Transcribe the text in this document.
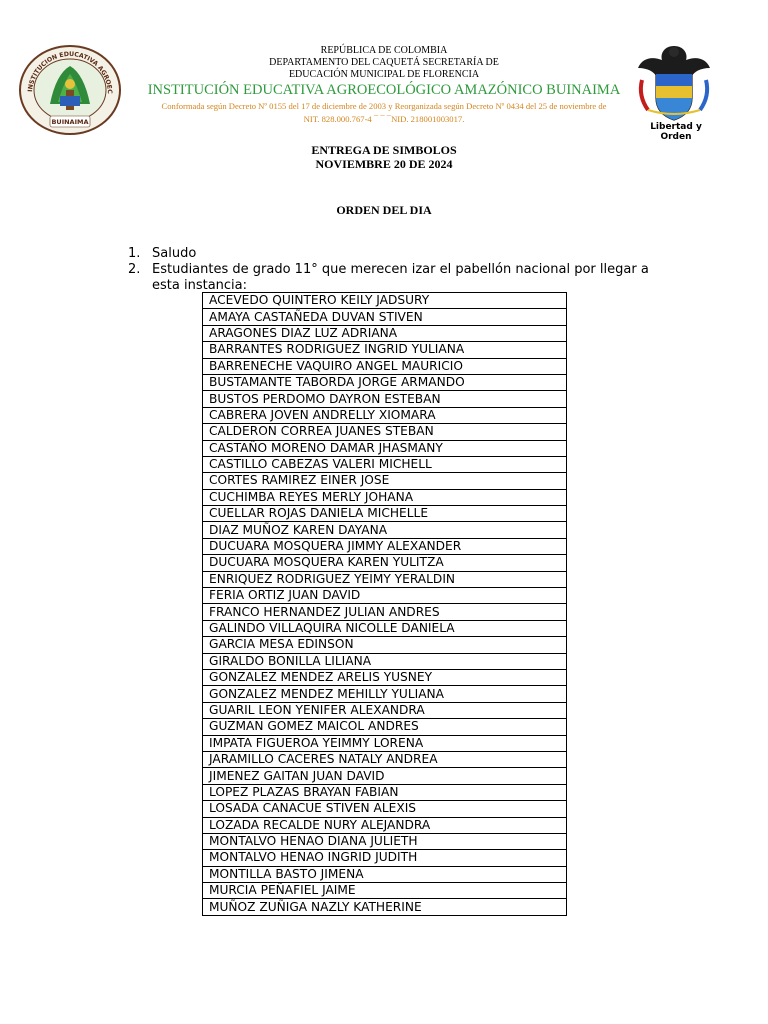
INSTITUCION EDUCATIVA AGROEC
BUINAIMA
REPÚBLICA DE COLOMBIA
DEPARTAMENTO DEL CAQUETÁ SECRETARÍA DE
EDUCACIÓN MUNICIPAL DE FLORENCIA
INSTITUCIÓN EDUCATIVA AGROECOLÓGICO AMAZÓNICO BUINAIMA
Conformada según Decreto Nº 0155 del 17 de diciembre de 2003 y Reorganizada según Decreto Nº 0434 del 25 de noviembre de
NIT. 828.000.767-4 ¯ ¯ ¯NID. 218001003017.
Libertad y Orden
ENTREGA DE SIMBOLOS
NOVIEMBRE 20 DE 2024
ORDEN DEL DIA
1. Saludo
2. Estudiantes de grado 11° que merecen izar el pabellón nacional por llegar a esta instancia:
ACEVEDO QUINTERO KEILY JADSURY
AMAYA CASTAÑEDA DUVAN STIVEN
ARAGONES DIAZ LUZ ADRIANA
BARRANTES RODRIGUEZ INGRID YULIANA
BARRENECHE VAQUIRO ANGEL MAURICIO
BUSTAMANTE TABORDA JORGE ARMANDO
BUSTOS PERDOMO DAYRON ESTEBAN
CABRERA JOVEN ANDRELLY XIOMARA
CALDERON CORREA JUANES STEBAN
CASTAÑO MORENO DAMAR JHASMANY
CASTILLO CABEZAS VALERI MICHELL
CORTES RAMIREZ EINER JOSE
CUCHIMBA REYES MERLY JOHANA
CUELLAR ROJAS DANIELA MICHELLE
DIAZ MUÑOZ KAREN DAYANA
DUCUARA MOSQUERA JIMMY ALEXANDER
DUCUARA MOSQUERA KAREN YULITZA
ENRIQUEZ RODRIGUEZ YEIMY YERALDIN
FERIA ORTIZ JUAN DAVID
FRANCO HERNANDEZ JULIAN ANDRES
GALINDO VILLAQUIRA NICOLLE DANIELA
GARCIA MESA EDINSON
GIRALDO BONILLA LILIANA
GONZALEZ MENDEZ ARELIS YUSNEY
GONZALEZ MENDEZ MEHILLY YULIANA
GUARIL LEON YENIFER ALEXANDRA
GUZMAN GOMEZ MAICOL ANDRES
IMPATA FIGUEROA YEIMMY LORENA
JARAMILLO CACERES NATALY ANDREA
JIMENEZ GAITAN JUAN DAVID
LOPEZ PLAZAS BRAYAN FABIAN
LOSADA CANACUE STIVEN ALEXIS
LOZADA RECALDE NURY ALEJANDRA
MONTALVO HENAO DIANA JULIETH
MONTALVO HENAO INGRID JUDITH
MONTILLA BASTO JIMENA
MURCIA PEÑAFIEL JAIME
MUÑOZ ZUÑIGA NAZLY KATHERINE
